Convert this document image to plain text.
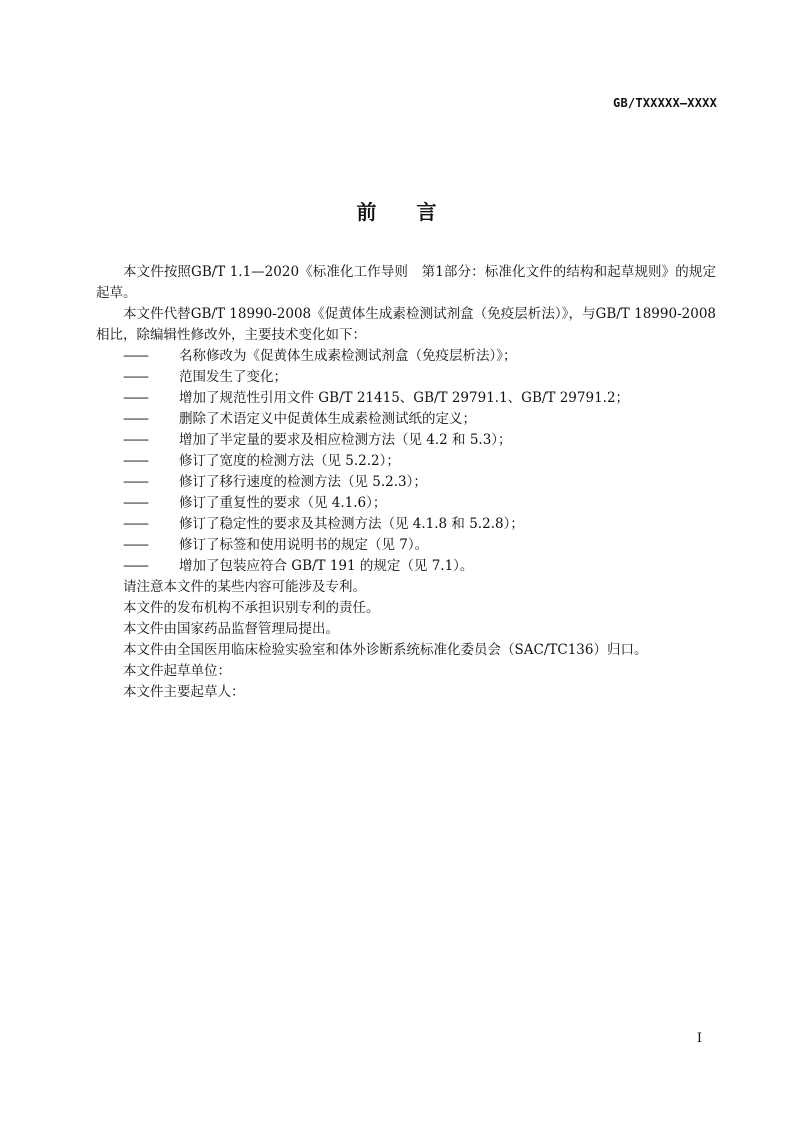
GB/TXXXXX—XXXX
前言

本文件按照GB/T 1.1—2020《标准化工作导则　第1部分：标准化文件的结构和起草规则》的规定起草。

本文件代替GB/T 18990-2008《促黄体生成素检测试剂盒（免疫层析法）》，与GB/T 18990-2008相比，除编辑性修改外，主要技术变化如下：

——	名称修改为《促黄体生成素检测试剂盒（免疫层析法）》；
——	范围发生了变化；
——	增加了规范性引用文件 GB/T 21415、GB/T 29791.1、GB/T 29791.2；
——	删除了术语定义中促黄体生成素检测试纸的定义；
——	增加了半定量的要求及相应检测方法（见 4.2 和 5.3）；
——	修订了宽度的检测方法（见 5.2.2）；
——	修订了移行速度的检测方法（见 5.2.3）；
——	修订了重复性的要求（见 4.1.6）；
——	修订了稳定性的要求及其检测方法（见 4.1.8 和 5.2.8）；
——	修订了标签和使用说明书的规定（见 7）。
——	增加了包装应符合 GB/T 191 的规定（见 7.1）。

请注意本文件的某些内容可能涉及专利。

本文件的发布机构不承担识别专利的责任。

本文件由国家药品监督管理局提出。

本文件由全国医用临床检验实验室和体外诊断系统标准化委员会（SAC/TC136）归口。

本文件起草单位：

本文件主要起草人：

I
